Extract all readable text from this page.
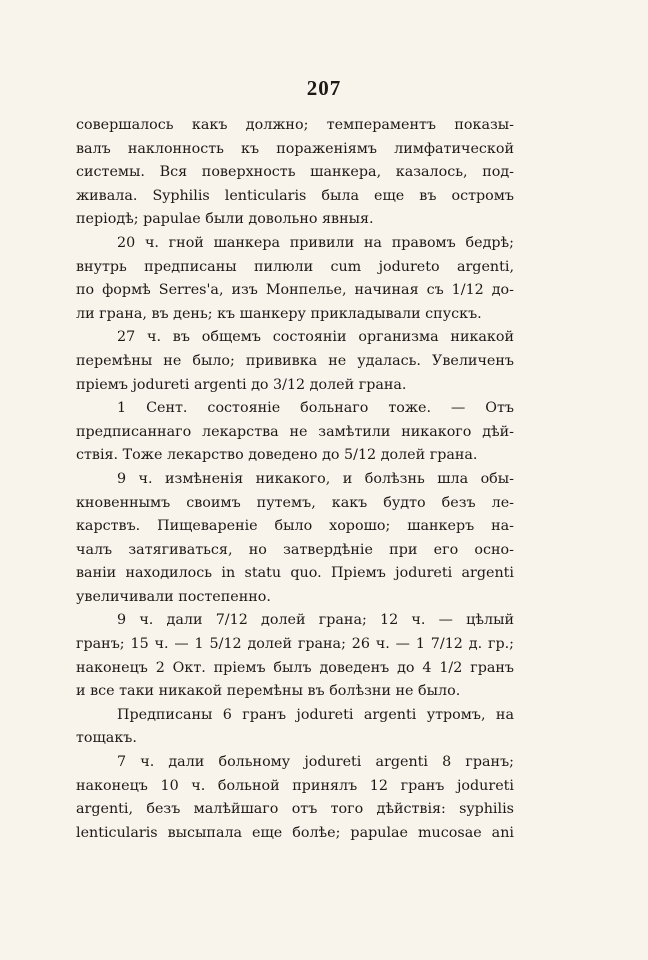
207
совершалось какъ должно; темпераментъ показы-
валъ наклонность къ пораженіямъ лимфатической
системы. Вся поверхность шанкера, казалось, под-
живала. Syphilis lenticularis была еще въ остромъ
періодѣ; papulae были довольно явныя.
20 ч. гной шанкера привили на правомъ бедрѣ;
внутрь предписаны пилюли cum jodureto argenti,
по формѣ Serres'a, изъ Монпелье, начиная съ 1/12 до-
ли грана, въ день; къ шанкеру прикладывали спускъ.
27 ч. въ общемъ состояніи организма никакой
перемѣны не было; прививка не удалась. Увеличенъ
пріемъ joduretі argenti до 3/12 долей грана.
1 Сент. состояніе больнаго тоже. — Отъ
предписаннаго лекарства не замѣтили никакого дѣй-
ствія. Тоже лекарство доведено до 5/12 долей грана.
9 ч. измѣненія никакого, и болѣзнь шла обы-
кновеннымъ своимъ путемъ, какъ будто безъ ле-
карствъ. Пищевареніе было хорошо; шанкеръ на-
чалъ затягиваться, но затвердѣніе при его осно-
ваніи находилось in statu quo. Пріемъ joduretі argenti
увеличивали постепенно.
9 ч. дали 7/12 долей грана; 12 ч. — цѣлый
гранъ; 15 ч. — 1 5/12 долей грана; 26 ч. — 1 7/12 д. гр.;
наконецъ 2 Окт. пріемъ былъ доведенъ до 4 1/2 гранъ
и все таки никакой перемѣны въ болѣзни не было.
Предписаны 6 гранъ joduretі argenti утромъ, на
тощакъ.
7 ч. дали больному joduretі argenti 8 гранъ;
наконецъ 10 ч. больной принялъ 12 гранъ joduretі
argenti, безъ малѣйшаго отъ того дѣйствія: syphilis
lenticularis высыпала еще болѣе; papulae mucosae ani
